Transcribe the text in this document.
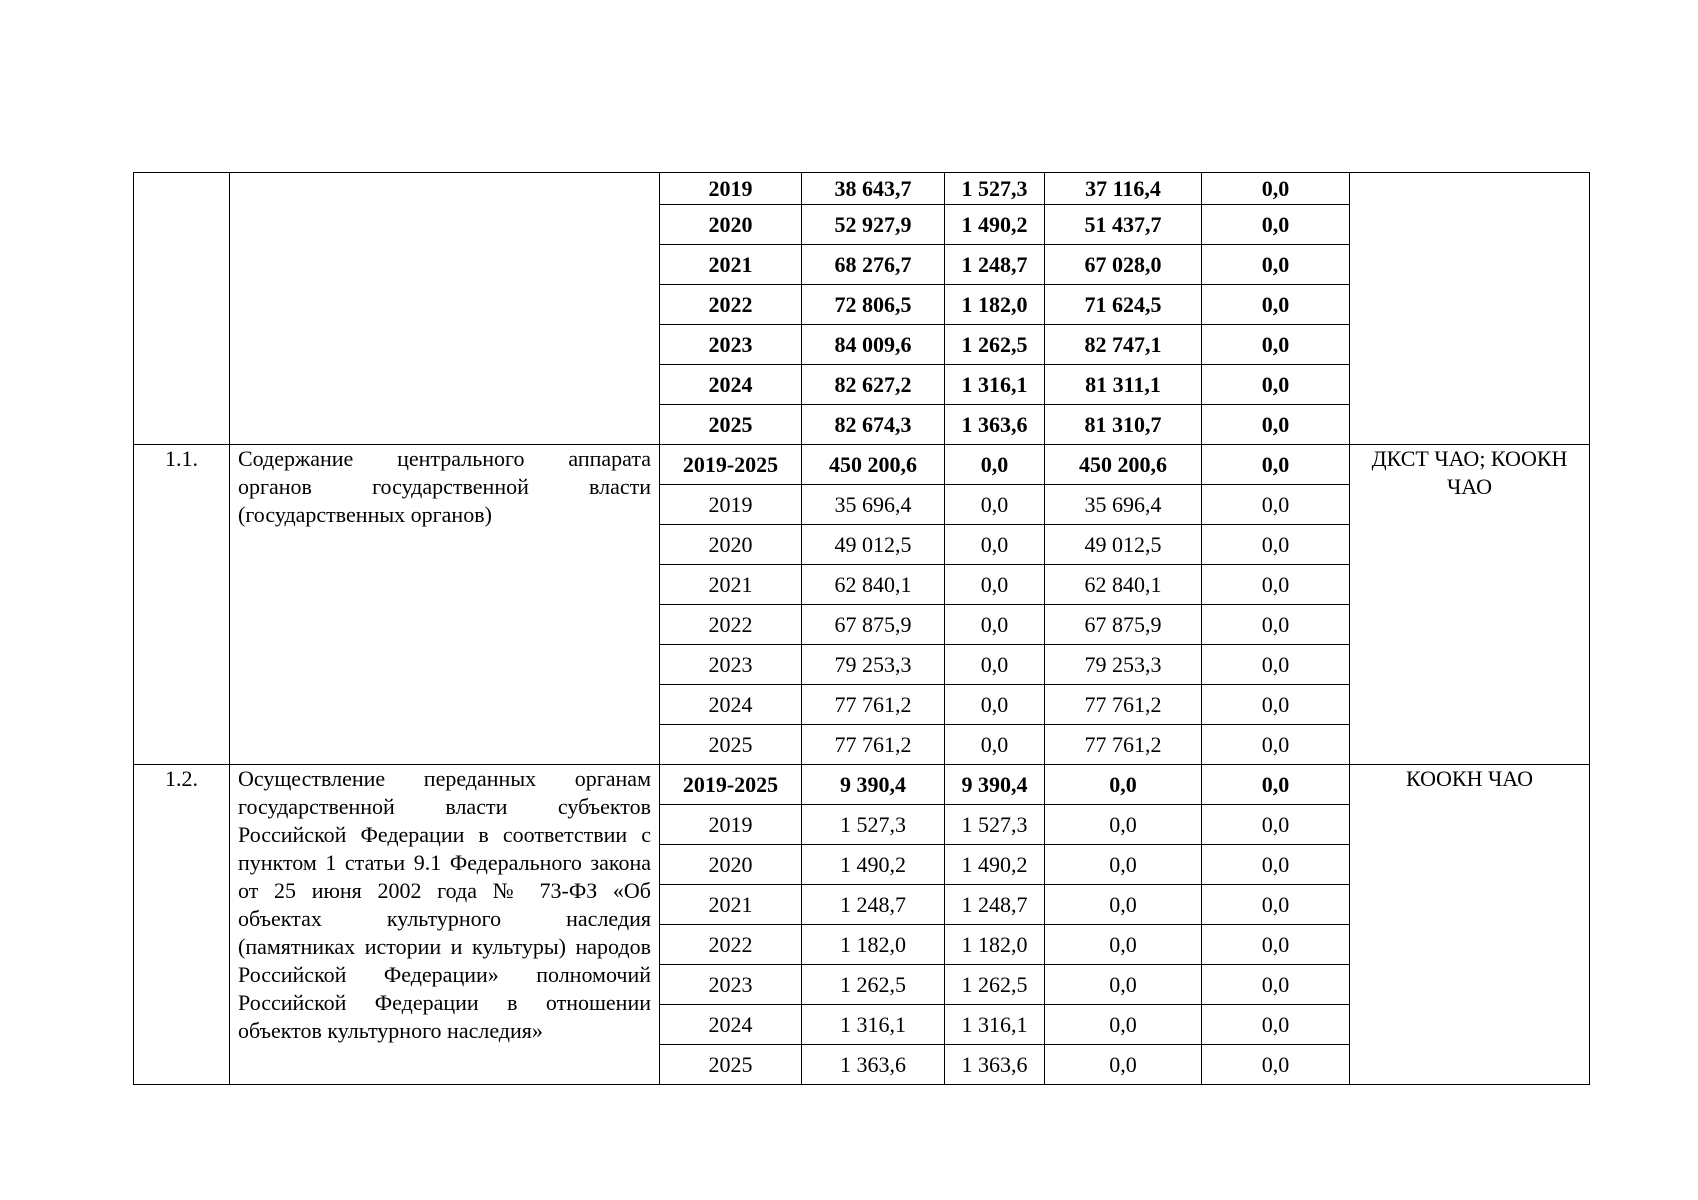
		2019	38 643,7	1 527,3	37 116,4	0,0	
		2020	52 927,9	1 490,2	51 437,7	0,0	
		2021	68 276,7	1 248,7	67 028,0	0,0	
		2022	72 806,5	1 182,0	71 624,5	0,0	
		2023	84 009,6	1 262,5	82 747,1	0,0	
		2024	82 627,2	1 316,1	81 311,1	0,0	
		2025	82 674,3	1 363,6	81 310,7	0,0	
1.1.	Содержание центрального аппарата органов государственной власти (государственных органов)	2019-2025	450 200,6	0,0	450 200,6	0,0	ДКСТ ЧАО; КООКН ЧАО
		2019	35 696,4	0,0	35 696,4	0,0	
		2020	49 012,5	0,0	49 012,5	0,0	
		2021	62 840,1	0,0	62 840,1	0,0	
		2022	67 875,9	0,0	67 875,9	0,0	
		2023	79 253,3	0,0	79 253,3	0,0	
		2024	77 761,2	0,0	77 761,2	0,0	
		2025	77 761,2	0,0	77 761,2	0,0	
1.2.	Осуществление переданных органам государственной власти субъектов Российской Федерации в соответствии с пунктом 1 статьи 9.1 Федерального закона от 25 июня 2002 года № 73-ФЗ «Об объектах культурного наследия (памятниках истории и культуры) народов Российской Федерации» полномочий Российской Федерации в отношении объектов культурного наследия»	2019-2025	9 390,4	9 390,4	0,0	0,0	КООКН ЧАО
		2019	1 527,3	1 527,3	0,0	0,0	
		2020	1 490,2	1 490,2	0,0	0,0	
		2021	1 248,7	1 248,7	0,0	0,0	
		2022	1 182,0	1 182,0	0,0	0,0	
		2023	1 262,5	1 262,5	0,0	0,0	
		2024	1 316,1	1 316,1	0,0	0,0	
		2025	1 363,6	1 363,6	0,0	0,0	
